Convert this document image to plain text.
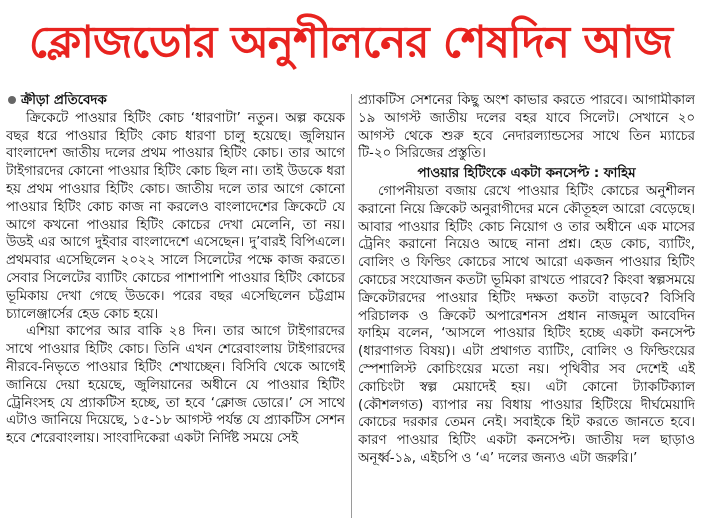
ক্লোজডোর অনুশীলনের শেষদিন আজ

ক্রীড়া প্রতিবেদক

ক্রিকেটে পাওয়ার হিটিং কোচ ‘ধারণাটা’ নতুন। অল্প কয়েক বছর ধরে পাওয়ার হিটিং কোচ ধারণা চালু হয়েছে। জুলিয়ান বাংলাদেশ জাতীয় দলের প্রথম পাওয়ার হিটিং কোচ। তার আগে টাইগারদের কোনো পাওয়ার হিটিং কোচ ছিল না। তাই উডকে ধরা হয় প্রথম পাওয়ার হিটিং কোচ। জাতীয় দলে তার আগে কোনো পাওয়ার হিটিং কোচ কাজ না করলেও বাংলাদেশের ক্রিকেটে যে আগে কখনো পাওয়ার হিটিং কোচের দেখা মেলেনি, তা নয়। উডই এর আগে দুইবার বাংলাদেশে এসেছেন। দু’বারই বিপিএলে। প্রথমবার এসেছিলেন ২০২২ সালে সিলেটের পক্ষে কাজ করতে। সেবার সিলেটের ব্যাটিং কোচের পাশাপাশি পাওয়ার হিটিং কোচের ভূমিকায় দেখা গেছে উডকে। পরের বছর এসেছিলেন চট্টগ্রাম চ্যালেঞ্জার্সের হেড কোচ হয়ে।

এশিয়া কাপের আর বাকি ২৪ দিন। তার আগে টাইগারদের সাথে পাওয়ার হিটিং কোচ। তিনি এখন শেরেবাংলায় টাইগারদের নীরবে-নিভৃতে পাওয়ার হিটিং শেখাচ্ছেন। বিসিবি থেকে আগেই জানিয়ে দেয়া হয়েছে, জুলিয়ানের অধীনে যে পাওয়ার হিটিং ট্রেনিংসহ যে প্র্যাকটিস হচ্ছে, তা হবে ‘ক্লোজ ডোরে।’ সে সাথে এটাও জানিয়ে দিয়েছে, ১৫-১৮ আগস্ট পর্যন্ত যে প্র্যাকটিস সেশন হবে শেরেবাংলায়। সাংবাদিকেরা একটা নির্দিষ্ট সময়ে সেই

প্র্যাকটিস সেশনের কিছু অংশ কাভার করতে পারবে। আগামীকাল ১৯ আগস্ট জাতীয় দলের বহর যাবে সিলেট। সেখানে ২০ আগস্ট থেকে শুরু হবে নেদারল্যান্ডসের সাথে তিন ম্যাচের টি-২০ সিরিজের প্রস্তুতি।

পাওয়ার হিটিংকে একটা কনসেপ্ট : ফাহিম

গোপনীয়তা বজায় রেখে পাওয়ার হিটিং কোচের অনুশীলন করানো নিয়ে ক্রিকেট অনুরাগীদের মনে কৌতূহল আরো বেড়েছে। আবার পাওয়ার হিটিং কোচ নিয়োগ ও তার অধীনে এক মাসের ট্রেনিং করানো নিয়েও আছে নানা প্রশ্ন। হেড কোচ, ব্যাটিং, বোলিং ও ফিল্ডিং কোচের সাথে আরো একজন পাওয়ার হিটিং কোচের সংযোজন কতটা ভূমিকা রাখতে পারবে? কিংবা স্বল্পসময়ে ক্রিকেটারদের পাওয়ার হিটিং দক্ষতা কতটা বাড়বে? বিসিবি পরিচালক ও ক্রিকেট অপারেশনস প্রধান নাজমুল আবেদিন ফাহিম বলেন, ‘আসলে পাওয়ার হিটিং হচ্ছে একটা কনসেপ্ট (ধারণাগত বিষয়)। এটা প্রথাগত ব্যাটিং, বোলিং ও ফিল্ডিংয়ের স্পেশালিস্ট কোচিংয়ের মতো নয়। পৃথিবীর সব দেশেই এই কোচিংটা স্বল্প মেয়াদেই হয়। এটা কোনো ট্যাকটিক্যাল (কৌশলগত) ব্যাপার নয় বিধায় পাওয়ার হিটিংয়ে দীর্ঘমেয়াদি কোচের দরকার তেমন নেই। সবাইকে হিট করতে জানতে হবে। কারণ পাওয়ার হিটিং একটা কনসেপ্ট। জাতীয় দল ছাড়াও অনূর্ধ্ব-১৯, এইচপি ও ‘এ’ দলের জন্যও এটা জরুরি।’
